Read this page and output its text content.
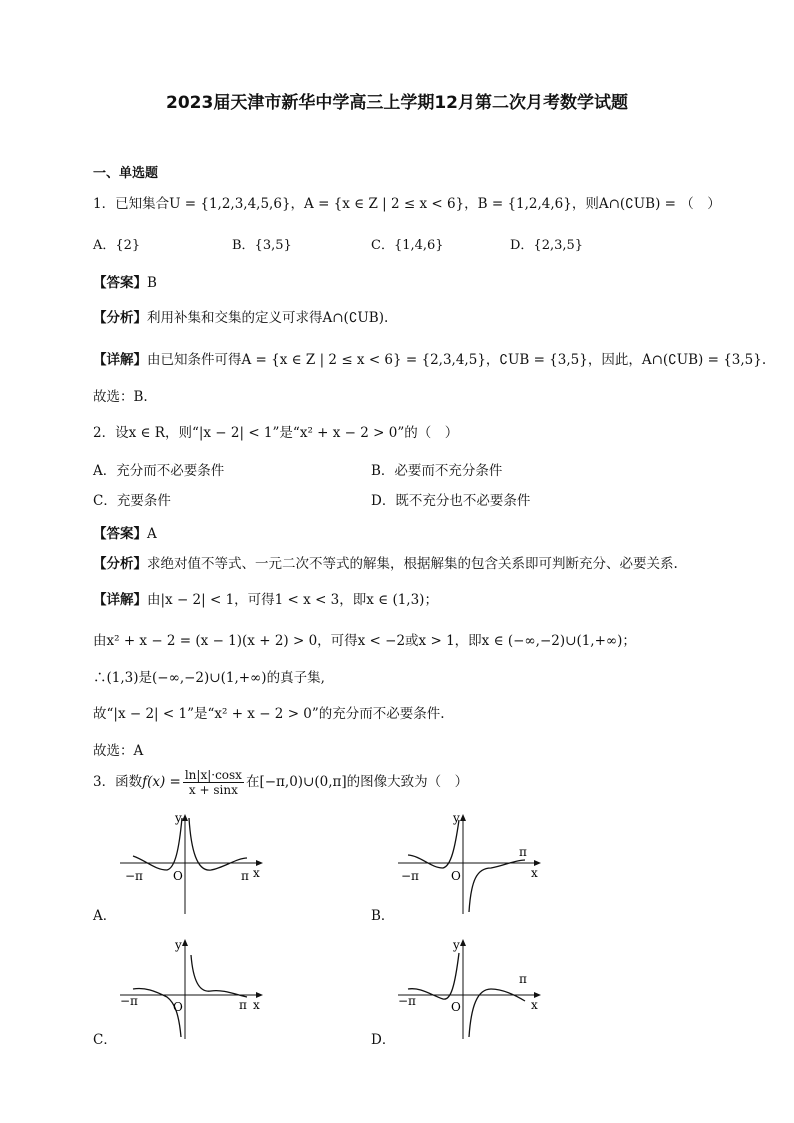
2023届天津市新华中学高三上学期12月第二次月考数学试题
一、单选题
1．已知集合U = {1,2,3,4,5,6}，A = {x ∈ Z | 2 ≤ x < 6}，B = {1,2,4,6}，则A∩(∁UB) = （　）
A．{2}	B．{3,5}	C．{1,4,6}	D．{2,3,5}
【答案】B
【分析】利用补集和交集的定义可求得A∩(∁UB).
【详解】由已知条件可得A = {x ∈ Z | 2 ≤ x < 6} = {2,3,4,5}，∁UB = {3,5}，因此，A∩(∁UB) = {3,5}.
故选：B.
2．设x ∈ R，则“|x − 2| < 1”是“x² + x − 2 > 0”的（　）
A．充分而不必要条件	B．必要而不充分条件
C．充要条件	D．既不充分也不必要条件
【答案】A
【分析】求绝对值不等式、一元二次不等式的解集，根据解集的包含关系即可判断充分、必要关系.
【详解】由|x − 2| < 1，可得1 < x < 3，即x ∈ (1,3)；
由x² + x − 2 = (x − 1)(x + 2) > 0，可得x < −2或x > 1，即x ∈ (−∞,−2)∪(1,+∞)；
∴(1,3)是(−∞,−2)∪(1,+∞)的真子集,
故“|x − 2| < 1”是“x² + x − 2 > 0”的充分而不必要条件.
故选：A
3．函数$f(x) = \frac{\ln|x|\cdot\cos x}{x + \sin x}$ 在[−π,0)∪(0,π]的图像大致为（　）
y
x
O
−π	π
A．
y
x
O
−π
π
B．
y
x
O
−π	π
C．
y
x
O
−π
π
D．
